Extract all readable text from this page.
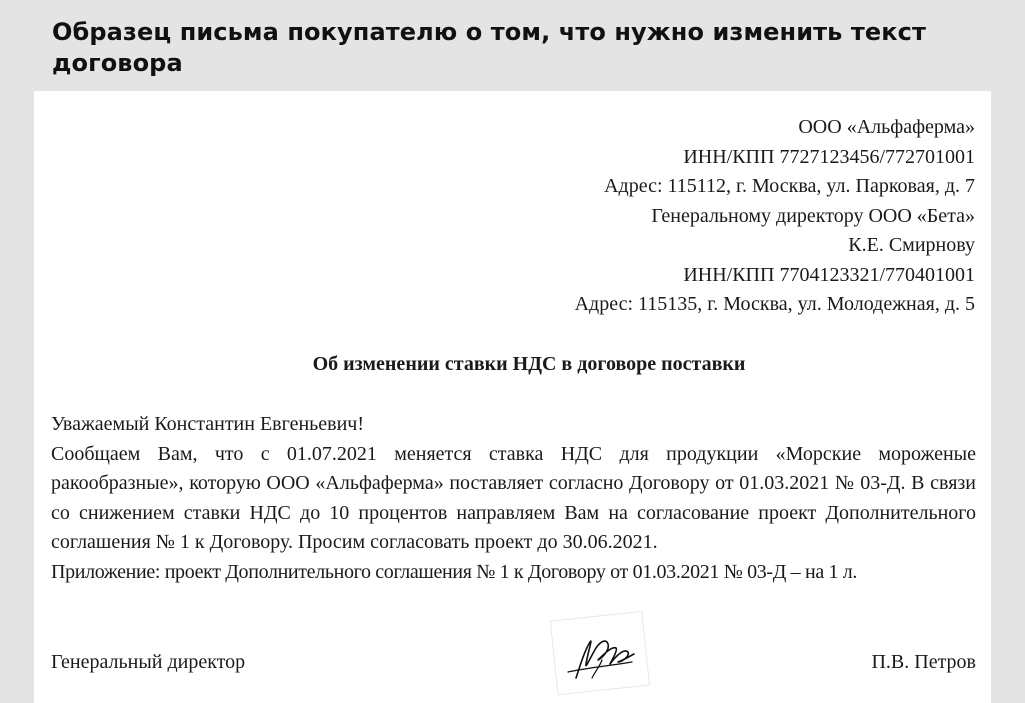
Образец письма покупателю о том, что нужно изменить текст
договора
ООО «Альфаферма»
ИНН/КПП 7727123456/772701001
Адрес: 115112, г. Москва, ул. Парковая, д. 7
Генеральному директору ООО «Бета»
К.Е. Смирнову
ИНН/КПП 7704123321/770401001
Адрес: 115135, г. Москва, ул. Молодежная, д. 5
Об изменении ставки НДС в договоре поставки
Уважаемый Константин Евгеньевич!
Сообщаем Вам, что с 01.07.2021 меняется ставка НДС для продукции «Морские мороженые ракообразные», которую ООО «Альфаферма» поставляет согласно Договору от 01.03.2021 № 03-Д. В связи со снижением ставки НДС до 10 процентов направляем Вам на согласование проект Дополнительного соглашения № 1 к Договору. Просим согласовать проект до 30.06.2021.
Приложение: проект Дополнительного соглашения № 1 к Договору от 01.03.2021 № 03-Д – на 1 л.
Генеральный директор	П.В. Петров
